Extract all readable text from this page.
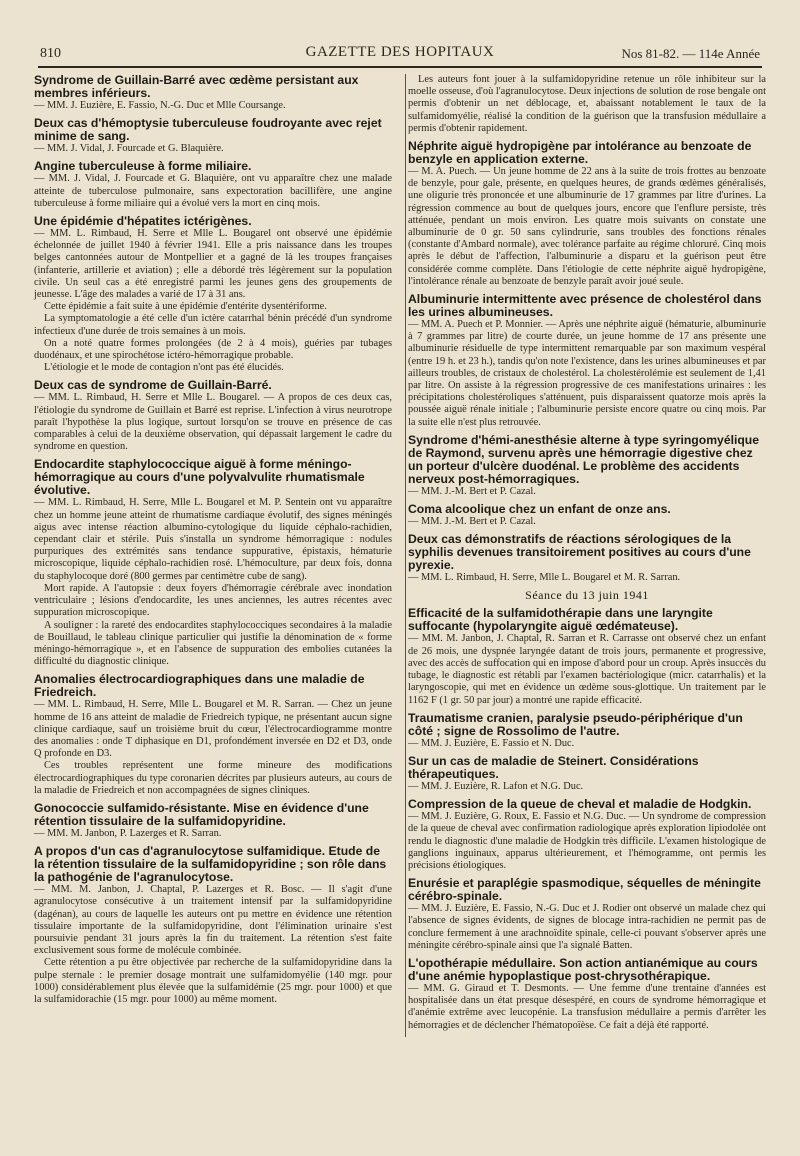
810	GAZETTE DES HOPITAUX	Nos 81-82. — 114e Année
Syndrome de Guillain-Barré avec œdème persistant aux membres inférieurs.

— MM. J. Euzière, E. Fassio, N.-G. Duc et Mlle Coursange.

Deux cas d'hémoptysie tuberculeuse foudroyante avec rejet minime de sang.

— MM. J. Vidal, J. Fourcade et G. Blaquière.

Angine tuberculeuse à forme miliaire.

— MM. J. Vidal, J. Fourcade et G. Blaquière, ont vu apparaître chez une malade atteinte de tuberculose pulmonaire, sans expectoration bacillifère, une angine tuberculeuse à forme miliaire qui a évolué vers la mort en cinq mois.

Une épidémie d'hépatites ictérigènes.

— MM. L. Rimbaud, H. Serre et Mlle L. Bougarel ont observé une épidémie échelonnée de juillet 1940 à février 1941. Elle a pris naissance dans les troupes belges cantonnées autour de Montpellier et a gagné de là les troupes françaises (infanterie, artillerie et aviation) ; elle a débordé très légèrement sur la population civile. Un seul cas a été enregistré parmi les jeunes gens des groupements de jeunesse. L'âge des malades a varié de 17 à 31 ans.

Cette épidémie a fait suite à une épidémie d'entérite dysentériforme.

La symptomatologie a été celle d'un ictère catarrhal bénin précédé d'un syndrome infectieux d'une durée de trois semaines à un mois.

On a noté quatre formes prolongées (de 2 à 4 mois), guéries par tubages duodénaux, et une spirochétose ictéro-hémorragique probable.

L'étiologie et le mode de contagion n'ont pas été élucidés.

Deux cas de syndrome de Guillain-Barré.

— MM. L. Rimbaud, H. Serre et Mlle L. Bougarel. — A propos de ces deux cas, l'étiologie du syndrome de Guillain et Barré est reprise. L'infection à virus neurotrope paraît l'hypothèse la plus logique, surtout lorsqu'on se trouve en présence de cas comparables à celui de la deuxième observation, qui dépassait largement le cadre du syndrome en question.

Endocardite staphylococcique aiguë à forme méningo-hémorragique au cours d'une polyvalvulite rhumatismale évolutive.

— MM. L. Rimbaud, H. Serre, Mlle L. Bougarel et M. P. Sentein ont vu apparaître chez un homme jeune atteint de rhumatisme cardiaque évolutif, des signes méningés aigus avec intense réaction albumino-cytologique du liquide céphalo-rachidien, cependant clair et stérile. Puis s'installa un syndrome hémorragique : nodules purpuriques des extrémités sans tendance suppurative, épistaxis, hématurie microscopique, liquide céphalo-rachidien rosé. L'hémoculture, par deux fois, donna du staphylocoque doré (800 germes par centimètre cube de sang).

Mort rapide. A l'autopsie : deux foyers d'hémorragie cérébrale avec inondation ventriculaire ; lésions d'endocardite, les unes anciennes, les autres récentes avec suppuration microscopique.

A souligner : la rareté des endocardites staphylococciques secondaires à la maladie de Bouillaud, le tableau clinique particulier qui justifie la dénomination de « forme méningo-hémorragique », et en l'absence de suppuration des embolies cutanées la difficulté du diagnostic clinique.

Anomalies électrocardiographiques dans une maladie de Friedreich.

— MM. L. Rimbaud, H. Serre, Mlle L. Bougarel et M. R. Sarran. — Chez un jeune homme de 16 ans atteint de maladie de Friedreich typique, ne présentant aucun signe clinique cardiaque, sauf un troisième bruit du cœur, l'électrocardiogramme montre des anomalies : onde T diphasique en D1, profondément inversée en D2 et D3, onde Q profonde en D3.

Ces troubles représentent une forme mineure des modifications électrocardiographiques du type coronarien décrites par plusieurs auteurs, au cours de la maladie de Friedreich et non accompagnées de signes cliniques.

Gonococcie sulfamido-résistante. Mise en évidence d'une rétention tissulaire de la sulfamidopyridine.

— MM. M. Janbon, P. Lazerges et R. Sarran.

A propos d'un cas d'agranulocytose sulfamidique. Etude de la rétention tissulaire de la sulfamidopyridine ; son rôle dans la pathogénie de l'agranulocytose.

— MM. M. Janbon, J. Chaptal, P. Lazerges et R. Bosc. — Il s'agit d'une agranulocytose consécutive à un traitement intensif par la sulfamidopyridine (dagénan), au cours de laquelle les auteurs ont pu mettre en évidence une rétention tissulaire importante de la sulfamidopyridine, dont l'élimination urinaire s'est poursuivie pendant 31 jours après la fin du traitement. La rétention s'est faite exclusivement sous forme de molécule combinée.

Cette rétention a pu être objectivée par recherche de la sulfamidopyridine dans la pulpe sternale : le premier dosage montrait une sulfamidomyélie (140 mgr. pour 1000) considérablement plus élevée que la sulfamidémie (25 mgr. pour 1000) et que la sulfamidorachie (15 mgr. pour 1000) au même moment.

Les auteurs font jouer à la sulfamidopyridine retenue un rôle inhibiteur sur la moelle osseuse, d'où l'agranulocytose. Deux injections de solution de rose bengale ont permis d'obtenir un net déblocage, et, abaissant notablement le taux de la sulfamidomyélie, réalisé la condition de la guérison que la transfusion médullaire a permis d'obtenir rapidement.

Néphrite aiguë hydropigène par intolérance au benzoate de benzyle en application externe.

— M. A. Puech. — Un jeune homme de 22 ans à la suite de trois frottes au benzoate de benzyle, pour gale, présente, en quelques heures, de grands œdèmes généralisés, une oligurie très prononcée et une albuminurie de 17 grammes par litre d'urines. La régression commence au bout de quelques jours, encore que l'enflure persiste, très atténuée, pendant un mois environ. Les quatre mois suivants on constate une albuminurie de 0 gr. 50 sans cylindrurie, sans troubles des fonctions rénales (constante d'Ambard normale), avec tolérance parfaite au régime chloruré. Cinq mois après le début de l'affection, l'albuminurie a disparu et la guérison peut être considérée comme complète. Dans l'étiologie de cette néphrite aiguë hydropigène, l'intolérance rénale au benzoate de benzyle paraît avoir joué seule.

Albuminurie intermittente avec présence de cholestérol dans les urines albumineuses.

— MM. A. Puech et P. Monnier. — Après une néphrite aiguë (hématurie, albuminurie à 7 grammes par litre) de courte durée, un jeune homme de 17 ans présente une albuminurie résiduelle de type intermittent remarquable par son maximum vespéral (entre 19 h. et 23 h.), tandis qu'on note l'existence, dans les urines albumineuses et par ailleurs troubles, de cristaux de cholestérol. La cholestérolémie est seulement de 1,41 par litre. On assiste à la régression progressive de ces manifestations urinaires : les précipitations cholestéroliques s'atténuent, puis disparaissent quatorze mois après la poussée aiguë rénale initiale ; l'albuminurie persiste encore quatre ou cinq mois. Par la suite elle n'est plus retrouvée.

Syndrome d'hémi-anesthésie alterne à type syringomyélique de Raymond, survenu après une hémorragie digestive chez un porteur d'ulcère duodénal. Le problème des accidents nerveux post-hémorragiques.

— MM. J.-M. Bert et P. Cazal.

Coma alcoolique chez un enfant de onze ans.

— MM. J.-M. Bert et P. Cazal.

Deux cas démonstratifs de réactions sérologiques de la syphilis devenues transitoirement positives au cours d'une pyrexie.

— MM. L. Rimbaud, H. Serre, Mlle L. Bougarel et M. R. Sarran.

Séance du 13 juin 1941
Efficacité de la sulfamidothérapie dans une laryngite suffocante (hypolaryngite aiguë œdémateuse).

— MM. M. Janbon, J. Chaptal, R. Sarran et R. Carrasse ont observé chez un enfant de 26 mois, une dyspnée laryngée datant de trois jours, permanente et progressive, avec des accès de suffocation qui en impose d'abord pour un croup. Après insuccès du tubage, le diagnostic est rétabli par l'examen bactériologique (micr. catarrhalis) et la laryngoscopie, qui met en évidence un œdème sous-glottique. Un traitement par le 1162 F (1 gr. 50 par jour) a montré une rapide efficacité.

Traumatisme cranien, paralysie pseudo-périphérique d'un côté ; signe de Rossolimo de l'autre.

— MM. J. Euzière, E. Fassio et N. Duc.

Sur un cas de maladie de Steinert. Considérations thérapeutiques.

— MM. J. Euzière, R. Lafon et N.G. Duc.

Compression de la queue de cheval et maladie de Hodgkin.

— MM. J. Euzière, G. Roux, E. Fassio et N.G. Duc. — Un syndrome de compression de la queue de cheval avec confirmation radiologique après exploration lipiodolée ont rendu le diagnostic d'une maladie de Hodgkin très difficile. L'examen histologique de ganglions inguinaux, apparus ultérieurement, et l'hémogramme, ont permis les précisions étiologiques.

Enurésie et paraplégie spasmodique, séquelles de méningite cérébro-spinale.

— MM. J. Euzière, E. Fassio, N.-G. Duc et J. Rodier ont observé un malade chez qui l'absence de signes évidents, de signes de blocage intra-rachidien ne permit pas de conclure fermement à une arachnoïdite spinale, celle-ci pouvant s'observer après une méningite cérébro-spinale ainsi que l'a signalé Batten.

L'opothérapie médullaire. Son action antianémique au cours d'une anémie hypoplastique post-chrysothérapique.

— MM. G. Giraud et T. Desmonts. — Une femme d'une trentaine d'années est hospitalisée dans un état presque désespéré, en cours de syndrome hémorragique et d'anémie extrême avec leucopénie. La transfusion médullaire a permis d'arrêter les hémorragies et de déclencher l'hématopoïèse. Ce fait a déjà été rapporté.
